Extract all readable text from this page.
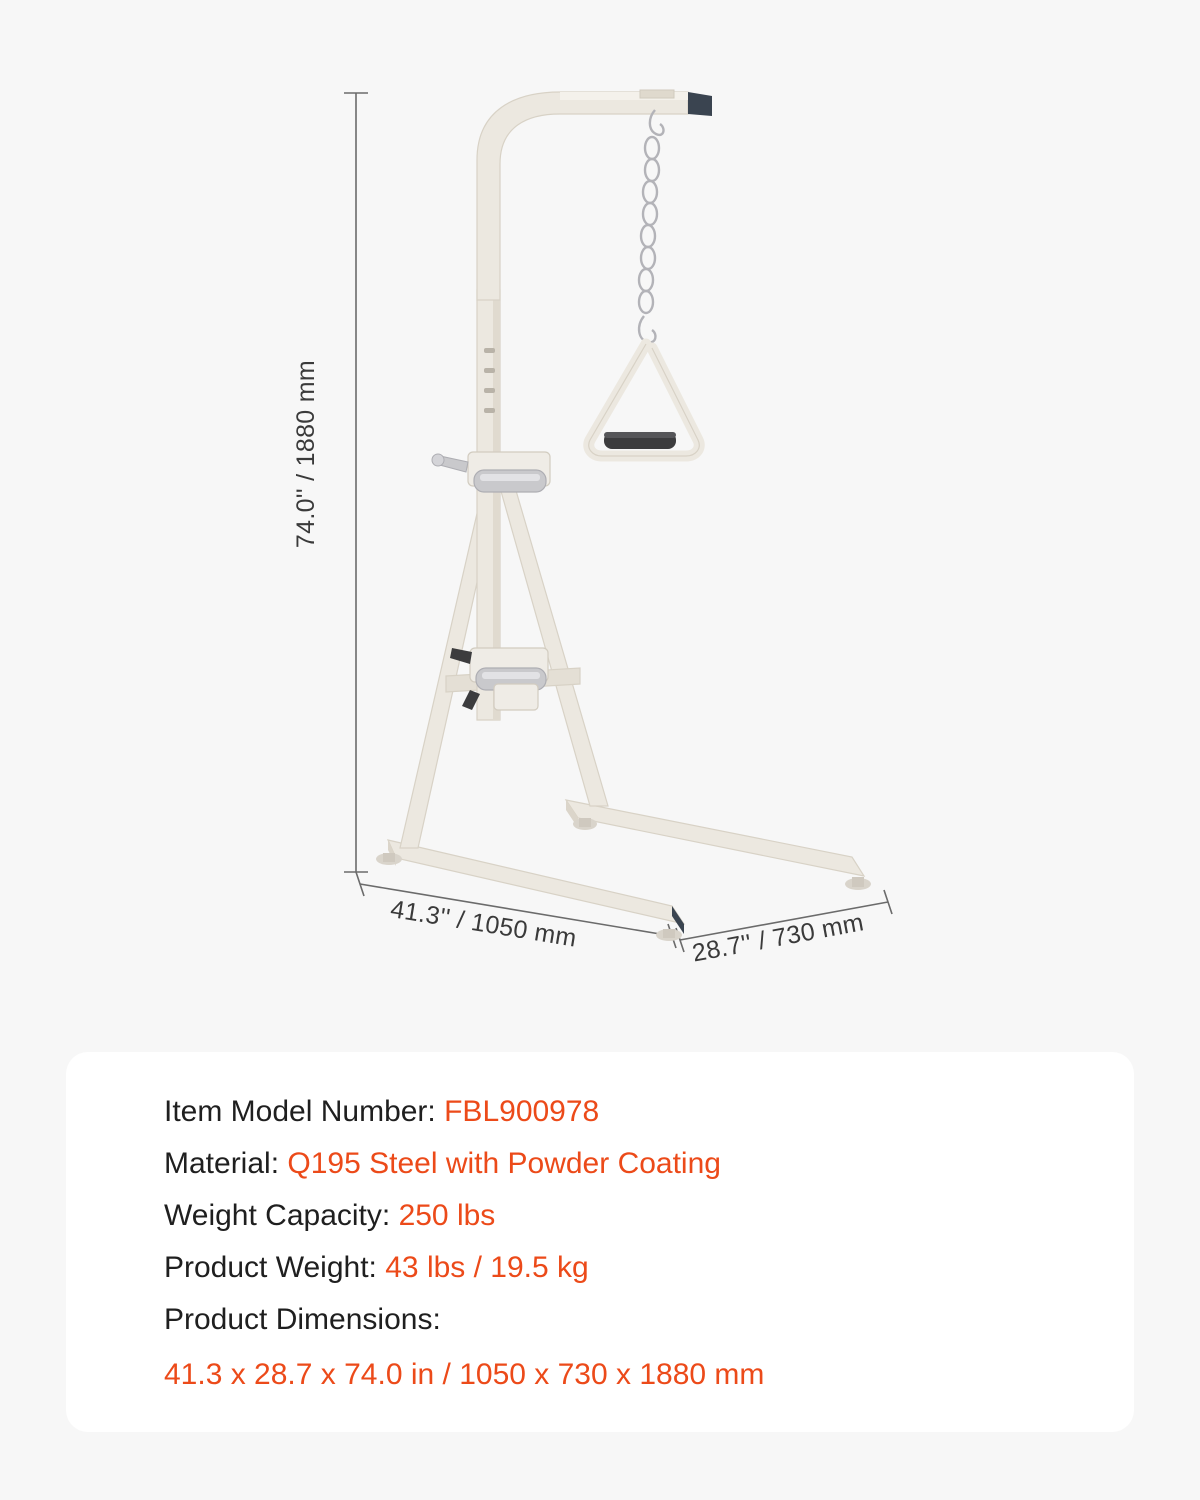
74.0'' / 1880 mm
41.3'' / 1050 mm	28.7'' / 730 mm
Item Model Number: FBL900978
Material: Q195 Steel with Powder Coating
Weight Capacity: 250 lbs
Product Weight: 43 lbs / 19.5 kg
Product Dimensions:
41.3 x 28.7 x 74.0 in / 1050 x 730 x 1880 mm
